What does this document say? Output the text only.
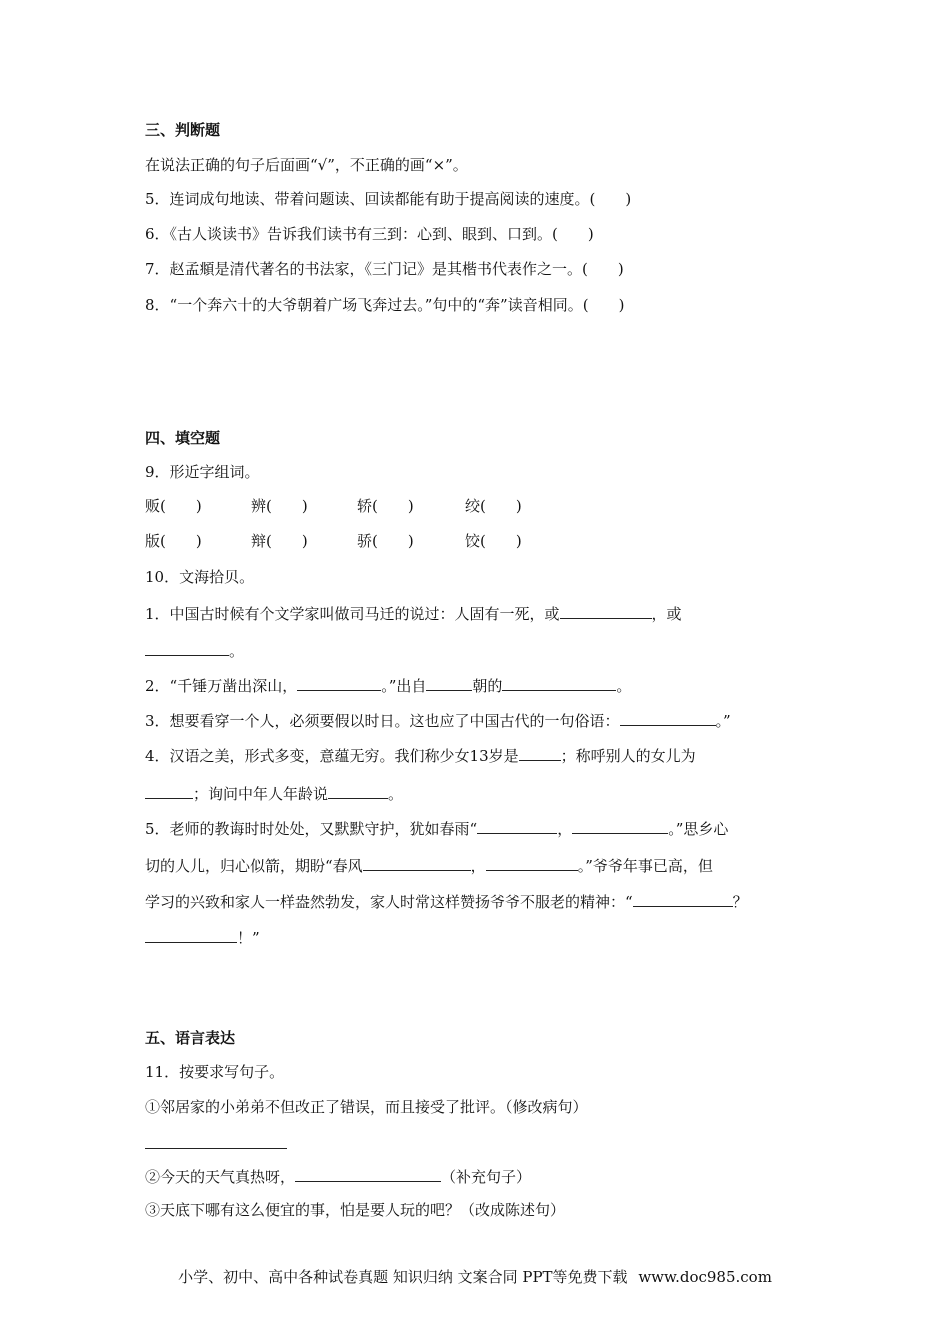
三、判断题
在说法正确的句子后面画“√”，不正确的画“×”。
5．连词成句地读、带着问题读、回读都能有助于提高阅读的速度。(　　)
6．《古人谈读书》告诉我们读书有三到：心到、眼到、口到。(　　)
7．赵孟頫是清代著名的书法家，《三门记》是其楷书代表作之一。(　　)
8．“一个奔六十的大爷朝着广场飞奔过去。”句中的“奔”读音相同。(　　)
四、填空题
9．形近字组词。
贩(　　)	辨(　　)	轿(　　)	绞(　　)
版(　　)	辩(　　)	骄(　　)	饺(　　)
10．文海拾贝。
1．中国古时候有个文学家叫做司马迁的说过：人固有一死，或	，或
。
2．“千锤万凿出深山，	。”出自	朝的	。
3．想要看穿一个人，必须要假以时日。这也应了中国古代的一句俗语：	。”
4．汉语之美，形式多变，意蕴无穷。我们称少女13岁是	；称呼别人的女儿为
；询问中年人年龄说	。
5．老师的教诲时时处处，又默默守护，犹如春雨“	，	。”思乡心
切的人儿，归心似箭，期盼“春风	，	。”爷爷年事已高，但
学习的兴致和家人一样盎然勃发，家人时常这样赞扬爷爷不服老的精神：“	？
！”
五、语言表达
11．按要求写句子。
①邻居家的小弟弟不但改正了错误，而且接受了批评。（修改病句）
②今天的天气真热呀，	（补充句子）
③天底下哪有这么便宜的事，怕是要人玩的吧？（改成陈述句）
小学、初中、高中各种试卷真题 知识归纳 文案合同 PPT等免费下载 www.doc985.com
